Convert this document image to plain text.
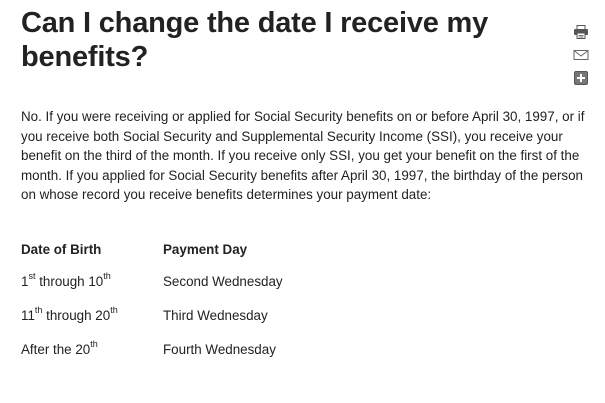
Can I change the date I receive my benefits?

No. If you were receiving or applied for Social Security benefits on or before April 30, 1997, or if you receive both Social Security and Supplemental Security Income (SSI), you receive your benefit on the third of the month. If you receive only SSI, you get your benefit on the first of the month. If you applied for Social Security benefits after April 30, 1997, the birthday of the person on whose record you receive benefits determines your payment date:

Date of Birth	Payment Day
1st through 10th	Second Wednesday
11th through 20th	Third Wednesday
After the 20th	Fourth Wednesday
